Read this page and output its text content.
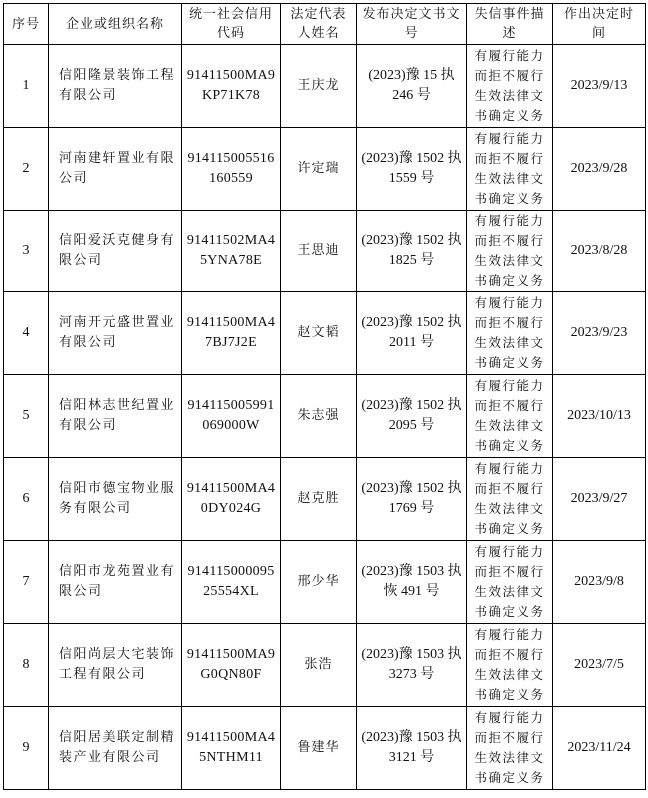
序号	企业或组织名称	统一社会信用代码	法定代表人姓名	发布决定文书文号	失信事件描 述	作出决定时 间
1	信阳隆景装饰工程有限公司	91411500MA9KP71K78	王庆龙	(2023)豫 15 执 246 号	有履行能力而拒不履行生效法律文书确定义务	2023/9/13
2	河南建轩置业有限公司	914115005516160559	许定瑞	(2023)豫 1502 执 1559 号	有履行能力而拒不履行生效法律文书确定义务	2023/9/28
3	信阳爱沃克健身有限公司	91411502MA45YNA78E	王思迪	(2023)豫 1502 执 1825 号	有履行能力而拒不履行生效法律文书确定义务	2023/8/28
4	河南开元盛世置业有限公司	91411500MA47BJ7J2E	赵文韬	(2023)豫 1502 执 2011 号	有履行能力而拒不履行生效法律文书确定义务	2023/9/23
5	信阳林志世纪置业有限公司	914115005991069000W	朱志强	(2023)豫 1502 执 2095 号	有履行能力而拒不履行生效法律文书确定义务	2023/10/13
6	信阳市德宝物业服务有限公司	91411500MA40DY024G	赵克胜	(2023)豫 1502 执 1769 号	有履行能力而拒不履行生效法律文书确定义务	2023/9/27
7	信阳市龙苑置业有限公司	91411500009525554XL	邢少华	(2023)豫 1503 执恢 491 号	有履行能力而拒不履行生效法律文书确定义务	2023/9/8
8	信阳尚层大宅装饰工程有限公司	91411500MA9G0QN80F	张浩	(2023)豫 1503 执 3273 号	有履行能力而拒不履行生效法律文书确定义务	2023/7/5
9	信阳居美联定制精装产业有限公司	91411500MA45NTHM11	鲁建华	(2023)豫 1503 执 3121 号	有履行能力而拒不履行生效法律文书确定义务	2023/11/24
